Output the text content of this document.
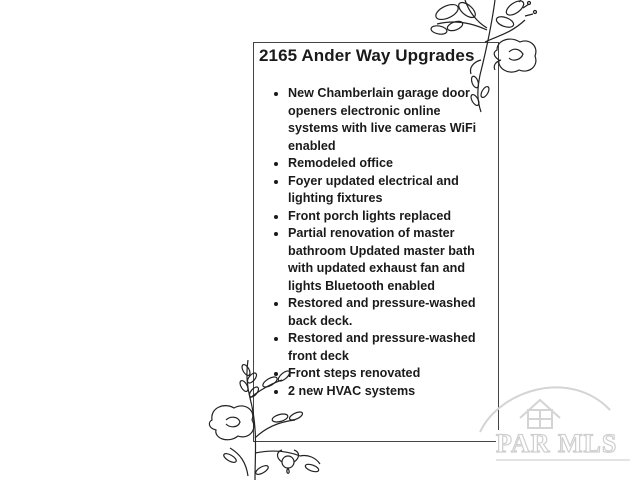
2165 Ander Way Upgrades
• New Chamberlain garage door openers electronic online systems with live cameras WiFi enabled
• Remodeled office
• Foyer updated electrical and lighting fixtures
• Front porch lights replaced
• Partial renovation of master bathroom Updated master bath with updated exhaust fan and lights Bluetooth enabled
• Restored and pressure-washed back deck.
• Restored and pressure-washed front deck
• Front steps renovated
• 2 new HVAC systems
PAR MLS
